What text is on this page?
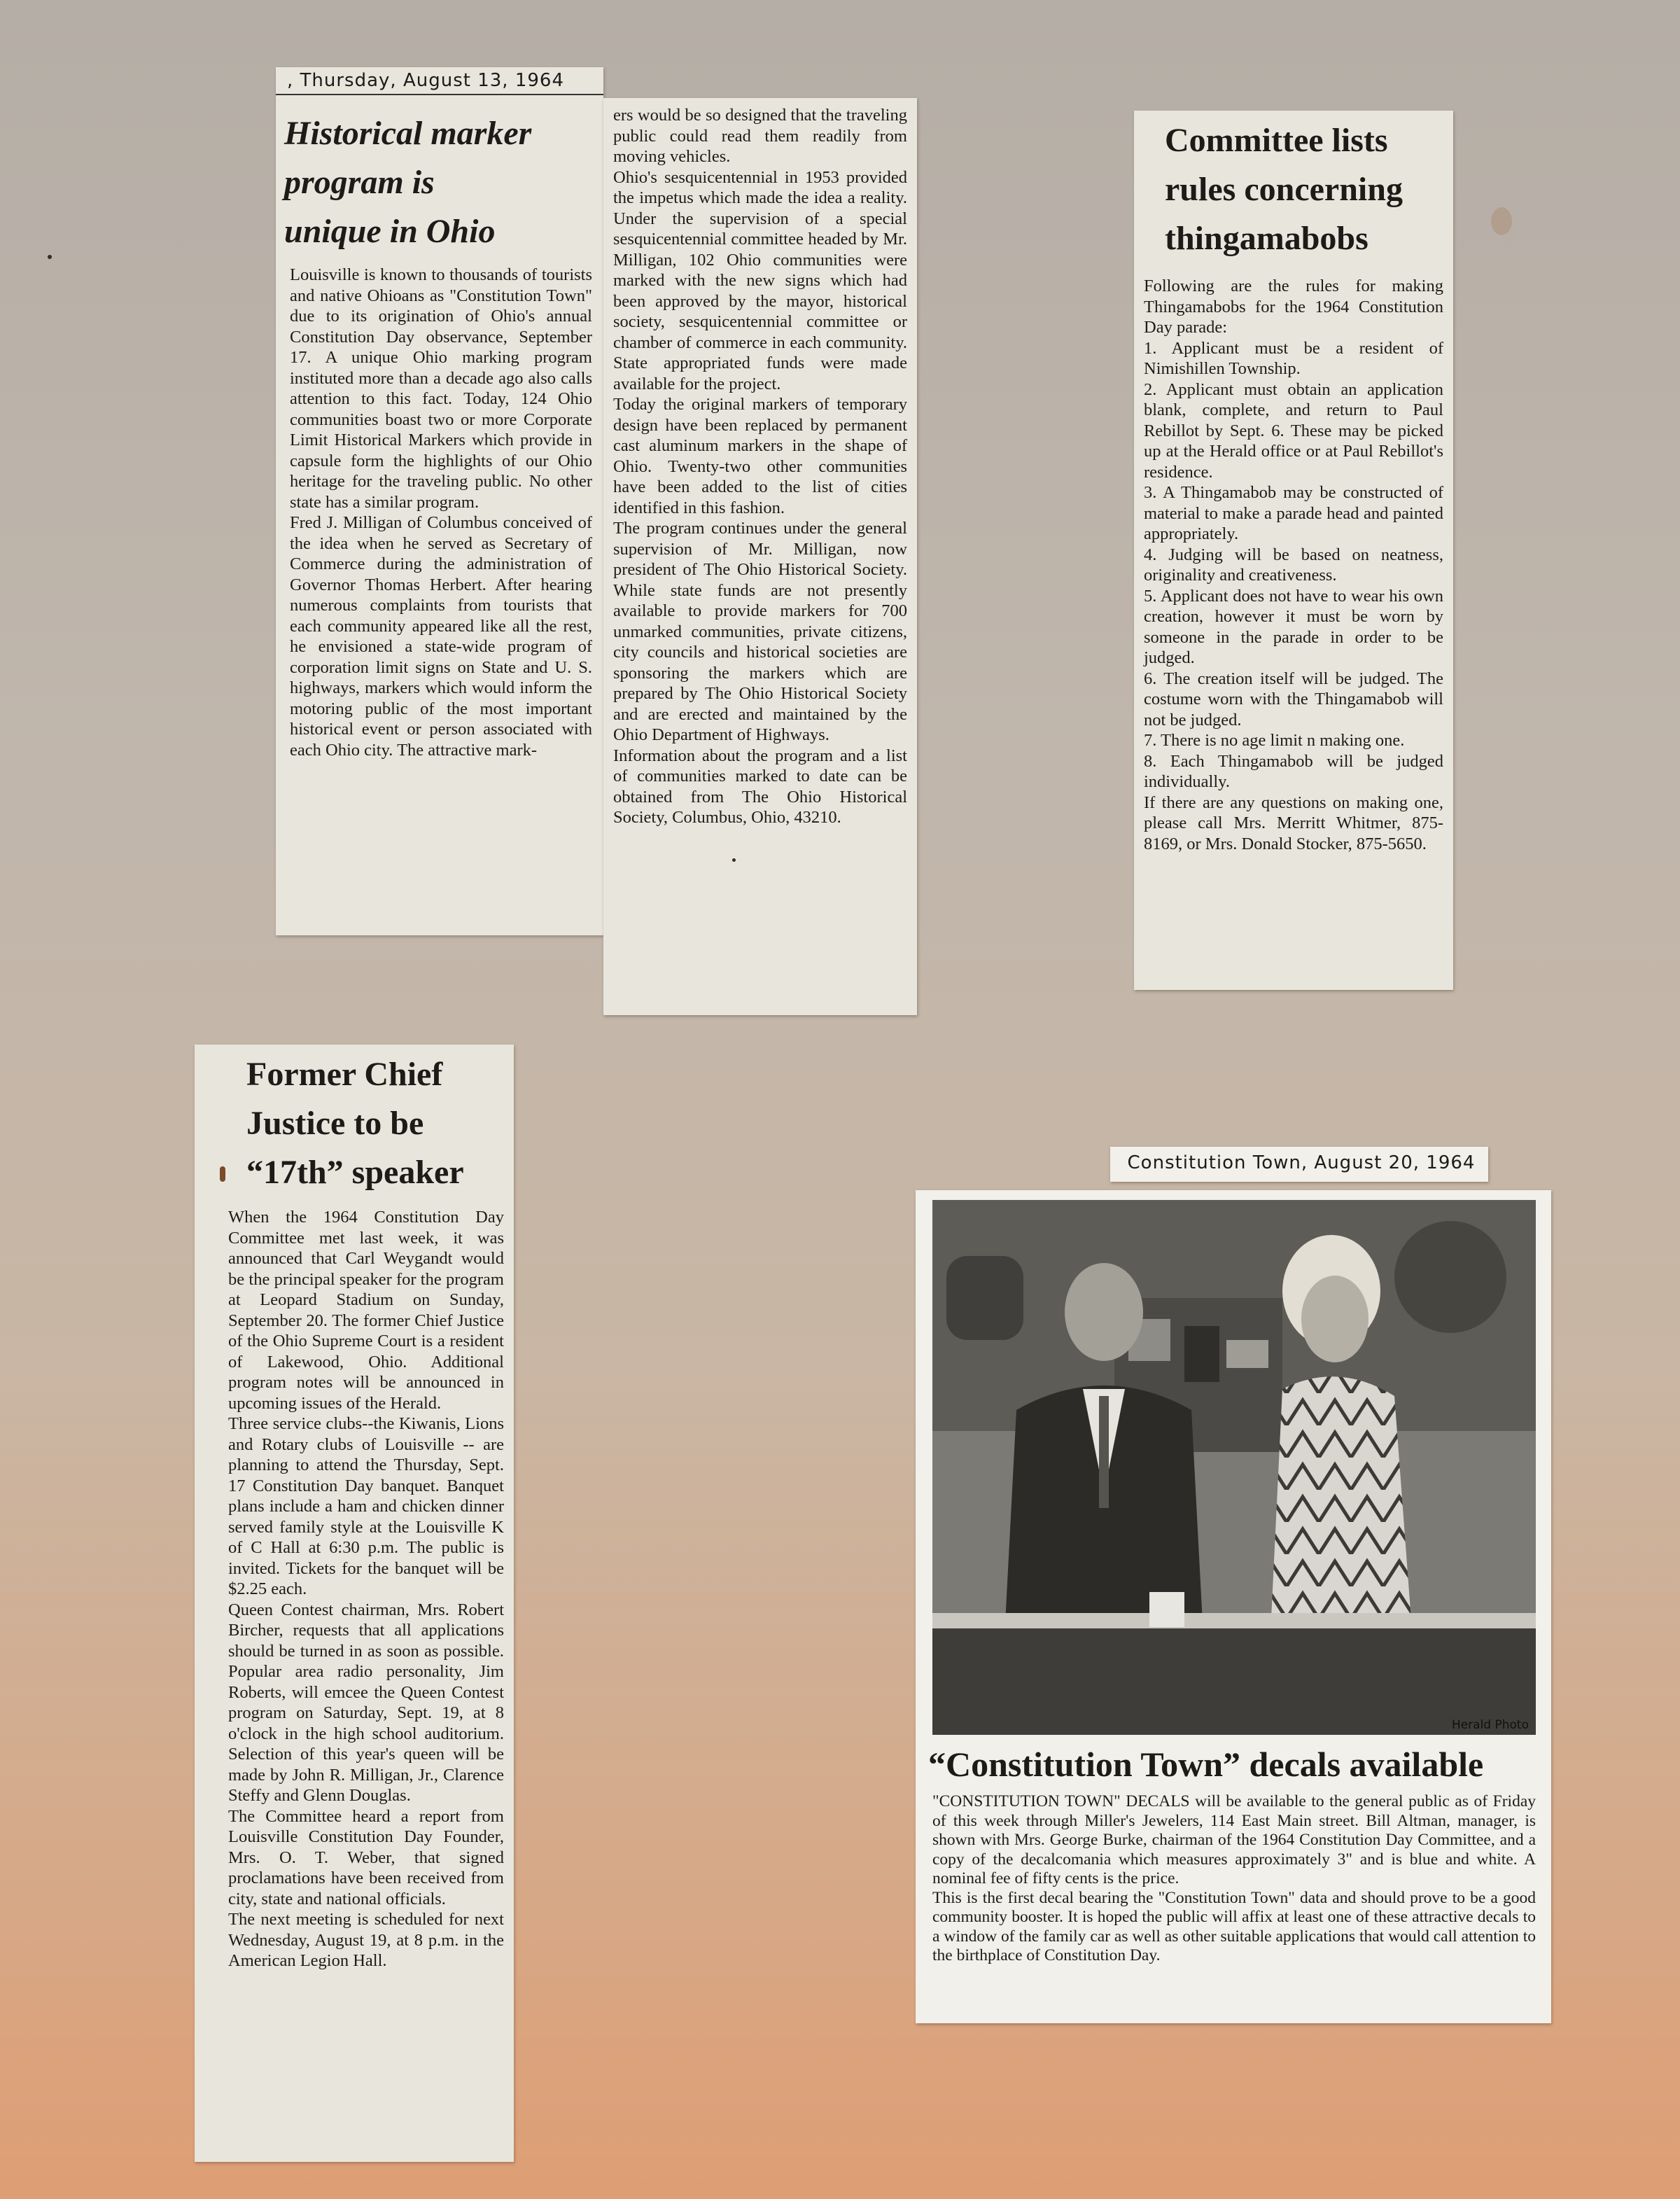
, Thursday, August 13, 1964
Historical marker
program is
unique in Ohio

Louisville is known to thousands of tourists and native Ohioans as "Constitution Town" due to its origination of Ohio's annual Constitution Day observance, September 17. A unique Ohio marking program instituted more than a decade ago also calls attention to this fact. Today, 124 Ohio communities boast two or more Corporate Limit Historical Markers which provide in capsule form the highlights of our Ohio heritage for the traveling public. No other state has a similar program.
Fred J. Milligan of Columbus conceived of the idea when he served as Secretary of Commerce during the administration of Governor Thomas Herbert. After hearing numerous complaints from tourists that each community appeared like all the rest, he envisioned a state-wide program of corporation limit signs on State and U. S. highways, markers which would inform the motoring public of the most important historical event or person associated with each Ohio city. The attractive mark-

ers would be so designed that the traveling public could read them readily from moving vehicles.
Ohio's sesquicentennial in 1953 provided the impetus which made the idea a reality. Under the supervision of a special sesquicentennial committee headed by Mr. Milligan, 102 Ohio communities were marked with the new signs which had been approved by the mayor, historical society, sesquicentennial committee or chamber of commerce in each community. State appropriated funds were made available for the project.
Today the original markers of temporary design have been replaced by permanent cast aluminum markers in the shape of Ohio. Twenty-two other communities have been added to the list of cities identified in this fashion.
The program continues under the general supervision of Mr. Milligan, now president of The Ohio Historical Society. While state funds are not presently available to provide markers for 700 unmarked communities, private citizens, city councils and historical societies are sponsoring the markers which are prepared by The Ohio Historical Society and are erected and maintained by the Ohio Department of Highways.
Information about the program and a list of communities marked to date can be obtained from The Ohio Historical Society, Columbus, Ohio, 43210.

Committee lists
rules concerning
thingamabobs

Following are the rules for making Thingamabobs for the 1964 Constitution Day parade:
1. Applicant must be a resident of Nimishillen Township.
2. Applicant must obtain an application blank, complete, and return to Paul Rebillot by Sept. 6. These may be picked up at the Herald office or at Paul Rebillot's residence.
3. A Thingamabob may be constructed of material to make a parade head and painted appropriately.
4. Judging will be based on neatness, originality and creativeness.
5. Applicant does not have to wear his own creation, however it must be worn by someone in the parade in order to be judged.
6. The creation itself will be judged. The costume worn with the Thingamabob will not be judged.
7. There is no age limit n making one.
8. Each Thingamabob will be judged individually.
If there are any questions on making one, please call Mrs. Merritt Whitmer, 875-8169, or Mrs. Donald Stocker, 875-5650.

Former Chief
Justice to be
“17th” speaker

When the 1964 Constitution Day Committee met last week, it was announced that Carl Weygandt would be the principal speaker for the program at Leopard Stadium on Sunday, September 20. The former Chief Justice of the Ohio Supreme Court is a resident of Lakewood, Ohio. Additional program notes will be announced in upcoming issues of the Herald.
Three service clubs--the Kiwanis, Lions and Rotary clubs of Louisville -- are planning to attend the Thursday, Sept. 17 Constitution Day banquet. Banquet plans include a ham and chicken dinner served family style at the Louisville K of C Hall at 6:30 p.m. The public is invited. Tickets for the banquet will be $2.25 each.
Queen Contest chairman, Mrs. Robert Bircher, requests that all applications should be turned in as soon as possible. Popular area radio personality, Jim Roberts, will emcee the Queen Contest program on Saturday, Sept. 19, at 8 o'clock in the high school auditorium. Selection of this year's queen will be made by John R. Milligan, Jr., Clarence Steffy and Glenn Douglas.
The Committee heard a report from Louisville Constitution Day Founder, Mrs. O. T. Weber, that signed proclamations have been received from city, state and national officials.
The next meeting is scheduled for next Wednesday, August 19, at 8 p.m. in the American Legion Hall.

Constitution Town, August 20, 1964
Herald Photo
“Constitution Town” decals available

"CONSTITUTION TOWN" DECALS will be available to the general public as of Friday of this week through Miller's Jewelers, 114 East Main street. Bill Altman, manager, is shown with Mrs. George Burke, chairman of the 1964 Constitution Day Committee, and a copy of the decalcomania which measures approximately 3" and is blue and white. A nominal fee of fifty cents is the price.
This is the first decal bearing the "Constitution Town" data and should prove to be a good community booster. It is hoped the public will affix at least one of these attractive decals to a window of the family car as well as other suitable applications that would call attention to the birthplace of Constitution Day.
